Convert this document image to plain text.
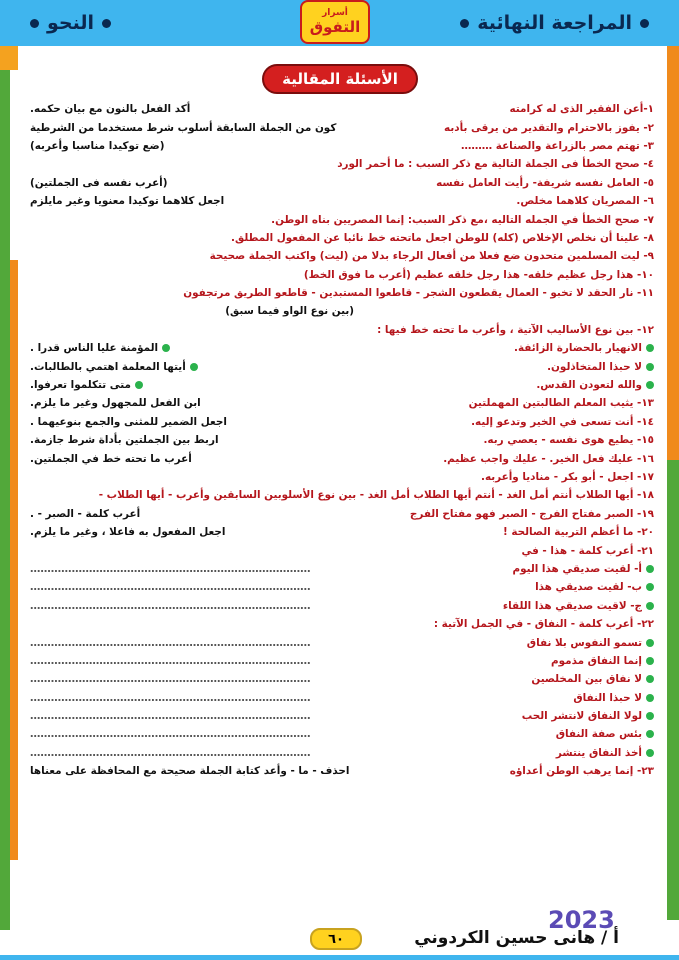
النحو	المراجعة النهائية
أسرار
التفوق
الأسئلة المقالية
١-أعن الفقير الذى له كرامته
أكد الفعل بالنون مع بيان حكمه.
٢- يفوز بالاحترام والتقدير من يرقى بأدبه
كون من الجملة السابقة أسلوب شرط مستخدما من الشرطية
٣- تهتم مصر بالزراعة والصناعة ………
(ضع توكيدا مناسبا وأعربه)
٤- صحح الخطأ فى الجملة التالية مع ذكر السبب : ما أحمر الورد
٥- العامل نفسه شريفة- رأيت العامل نفسه
(أعرب نفسه فى الجملتين)
٦- المصريان كلاهما مخلص.
اجعل كلاهما توكيدا معنويا وغير مايلزم
٧- صحح الخطأ في الجمله التاليه ،مع ذكر السبب: إنما المصريين بناه الوطن.
٨- علينا أن نخلص الإخلاص (كله) للوطن اجعل ماتحته خط نائبا عن المفعول المطلق.
٩- ليت المسلمين متحدون ضع فعلا من أفعال الرجاء بدلا من (ليت) واكتب الجملة صحيحة
١٠- هذا رجل عظيم خلقه- هذا رجل خلقه عظيم (أعرب ما فوق الخط)
١١- نار الحقد لا تخبو - العمال يقطعون الشجر - قاطعوا المستبدين - قاطعو الطريق مرتجفون
(بين نوع الواو فيما سبق)
١٢- بين نوع الأساليب الآتية ، وأعرب ما تحته خط فيها :
الانهيار بالحضارة الزائفة.
المؤمنة عليا الناس قدرا .
لا حبذا المتخاذلون.
أيتها المعلمة اهتمي بالطالبات.
والله لتعودن القدس.
متى تتكلموا تعرفوا.
١٣- يثيب المعلم الطالبتين المهملتين
ابن الفعل للمجهول وغير ما يلزم.
١٤- أنت تسعى في الخير وتدعو إليه.
اجعل الضمير للمثنى والجمع بنوعيهما .
١٥- يطيع هوى نفسه - يعصي ربه.
اربط بين الجملتين بأداة شرط جازمة.
١٦- عليك فعل الخير. - عليك واجب عظيم.
أعرب ما تحته خط في الجملتين.
١٧- اجعل - أبو بكر - مناديا وأعربه.
١٨- أيها الطلاب أنتم أمل الغد - أنتم أيها الطلاب أمل الغد - بين نوع الأسلوبين السابقين وأعرب - أيها الطلاب -
١٩- الصبر مفتاح الفرج - الصبر فهو مفتاح الفرج
أعرب كلمة - الصبر - .
٢٠- ما أعظم التربية الصالحة !
اجعل المفعول به فاعلا ، وغير ما يلزم.
٢١- أعرب كلمة - هذا - في
أ- لقيت صديقي هذا اليوم
………………………………………………………………………
ب- لقيت صديقي هذا
………………………………………………………………………
ج- لاقيت صديقي هذا اللقاء
………………………………………………………………………
٢٢- أعرب كلمة - النفاق - في الجمل الآتية :
تسمو النفوس بلا نفاق
………………………………………………………………………
إنما النفاق مذموم
………………………………………………………………………
لا نفاق بين المخلصين
………………………………………………………………………
لا حبذا النفاق
………………………………………………………………………
لولا النفاق لانتشر الحب
………………………………………………………………………
بئس صفة النفاق
………………………………………………………………………
أخذ النفاق ينتشر
………………………………………………………………………
٢٣- إنما يرهب الوطن أعداؤه
احذف - ما - وأعد كتابة الجملة صحيحة مع المحافظة على معناها
2023
٦٠	أ / هانى حسين الكردوني
